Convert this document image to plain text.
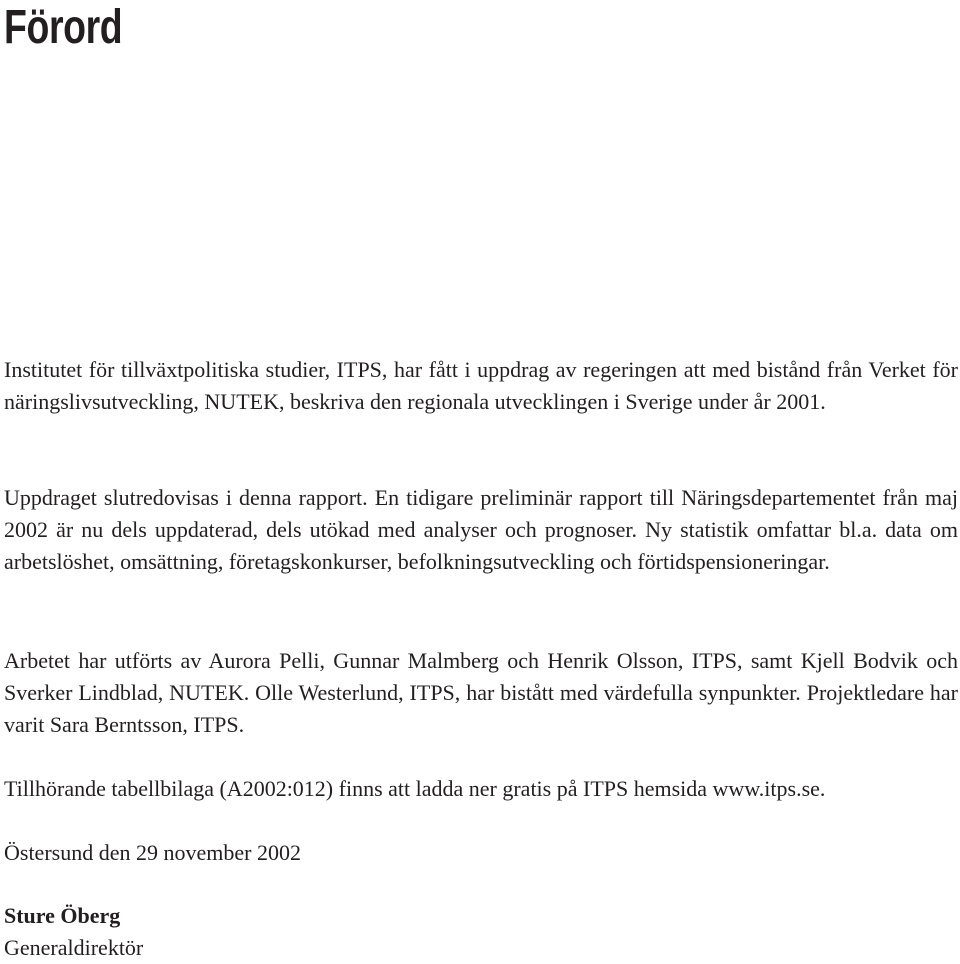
Förord

Institutet för tillväxtpolitiska studier, ITPS, har fått i uppdrag av regeringen att med bistånd från Verket för näringslivsutveckling, NUTEK, beskriva den regionala utvecklingen i Sverige under år 2001.

Uppdraget slutredovisas i denna rapport. En tidigare preliminär rapport till Näringsdepartementet från maj 2002 är nu dels uppdaterad, dels utökad med analyser och prognoser. Ny statistik omfattar bl.a. data om arbetslöshet, omsättning, företagskonkurser, befolkningsutveckling och förtidspensioneringar.

Arbetet har utförts av Aurora Pelli, Gunnar Malmberg och Henrik Olsson, ITPS, samt Kjell Bodvik och Sverker Lindblad, NUTEK. Olle Westerlund, ITPS, har bistått med värdefulla synpunkter. Projektledare har varit Sara Berntsson, ITPS.

Tillhörande tabellbilaga (A2002:012) finns att ladda ner gratis på ITPS hemsida www.itps.se.

Östersund den 29 november 2002

Sture Öberg
Generaldirektör
